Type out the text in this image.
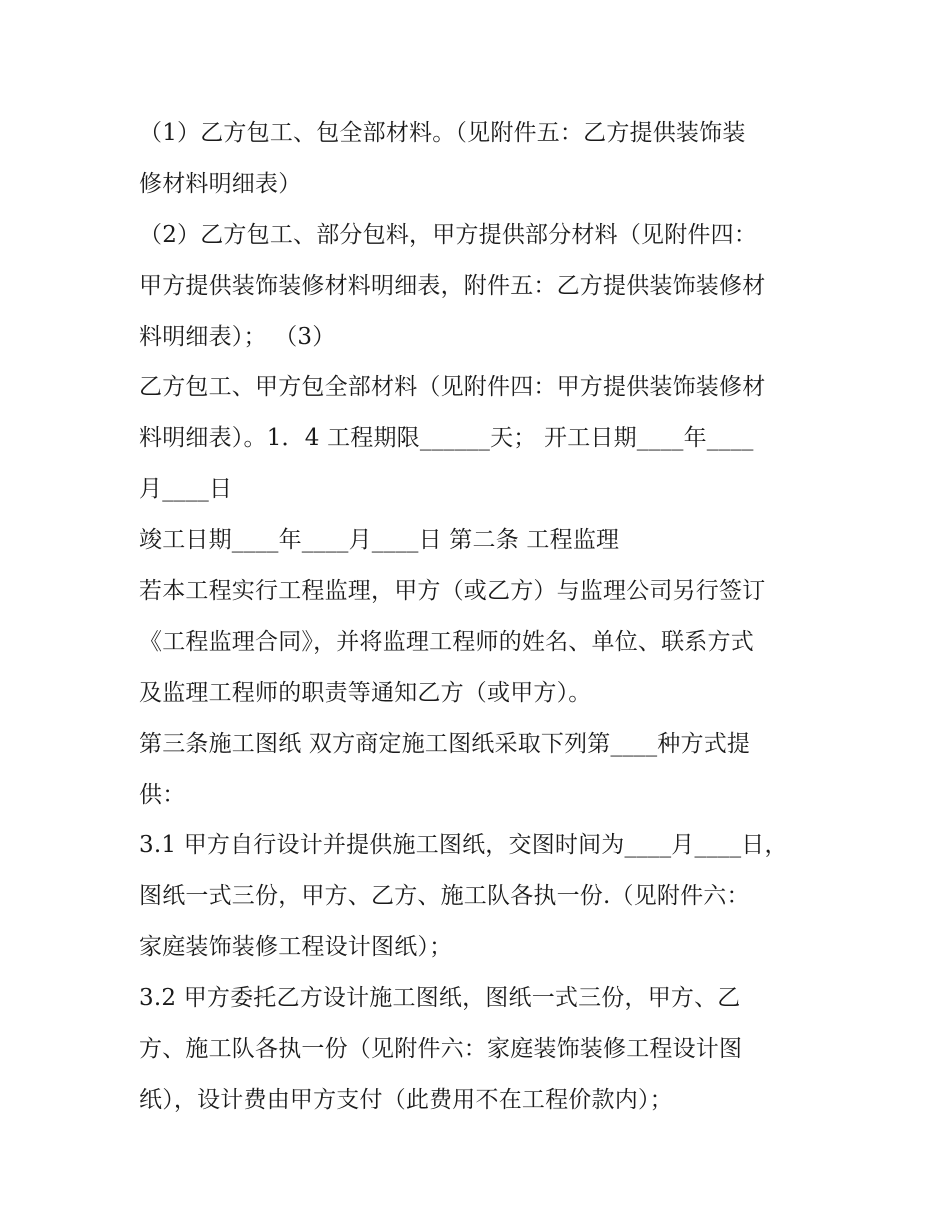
（1）乙方包工、包全部材料。（见附件五：乙方提供装饰装
修材料明细表）
（2）乙方包工、部分包料，甲方提供部分材料（见附件四：
甲方提供装饰装修材料明细表，附件五：乙方提供装饰装修材
料明细表）； （3）
乙方包工、甲方包全部材料（见附件四：甲方提供装饰装修材
料明细表）。1．4 工程期限______天； 开工日期____年____
月____日
竣工日期____年____月____日 第二条 工程监理
若本工程实行工程监理，甲方（或乙方）与监理公司另行签订
《工程监理合同》，并将监理工程师的姓名、单位、联系方式
及监理工程师的职责等通知乙方（或甲方）。
第三条施工图纸 双方商定施工图纸采取下列第____种方式提
供：
3.1 甲方自行设计并提供施工图纸，交图时间为____月____日，
图纸一式三份，甲方、乙方、施工队各执一份.（见附件六：
家庭装饰装修工程设计图纸）；
3.2 甲方委托乙方设计施工图纸，图纸一式三份，甲方、乙
方、施工队各执一份（见附件六：家庭装饰装修工程设计图
纸），设计费由甲方支付（此费用不在工程价款内）；
